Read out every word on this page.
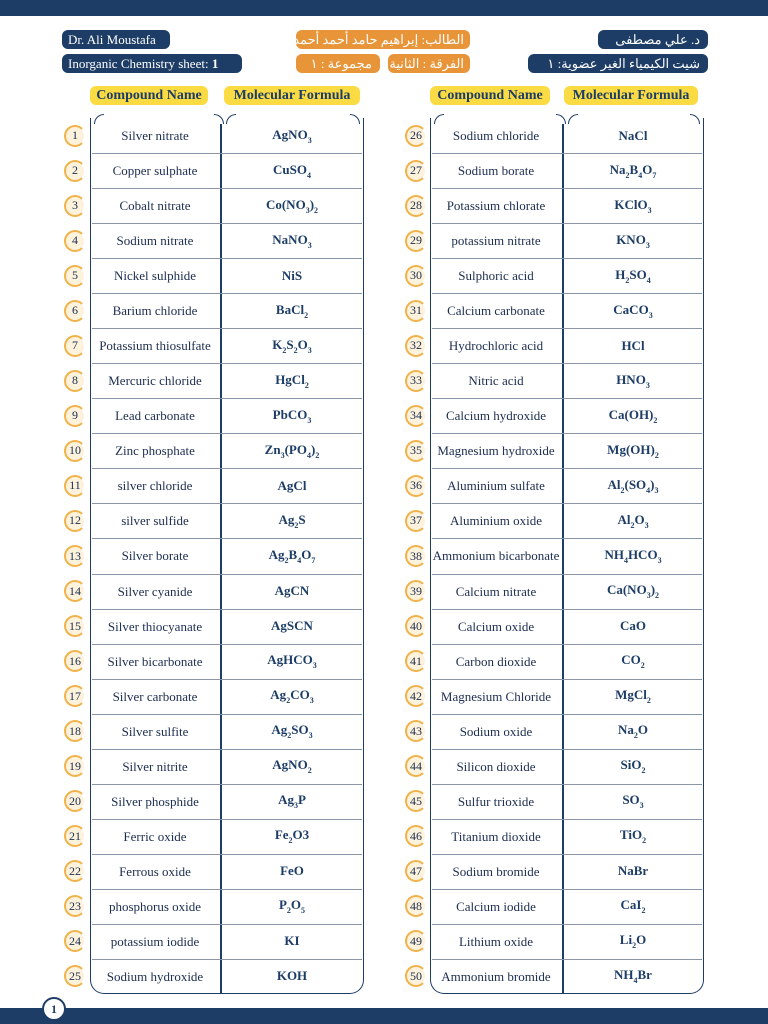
Dr. Ali Moustafa
Inorganic Chemistry sheet:
1
الطالب: إبراهيم حامد أحمد أحمد
الفرقة : الثانية
مجموعة : ١
د. علي مصطفى
شيت الكيمياء الغير عضوية: ١
Compound Name Molecular Formula	Compound Name Molecular Formula
Silver nitrate	AgNO$_3$
1
Copper sulphate	CuSO$_4$
2
Cobalt nitrate	$Co(NO_3)_2$
3
Sodium nitrate	NaNO$_3$
4
Nickel sulphide	NiS
5
Barium chloride	BaCl$_2$
6
Potassium thiosulfate	$K_2S_2O_3$
7
Mercuric chloride	HgCl$_2$
8
Lead carbonate	PbCO$_3$
9
Zinc phosphate	$Zn_3(PO_4)_2$
10
silver chloride	AgCl
11
silver sulfide	$Ag_2S$
12
Silver borate	$Ag_2B_4O_7$
13
Silver cyanide	AgCN
14
Silver thiocyanate	AgSCN
15
Silver bicarbonate	AgHCO$_3$
16
Silver carbonate	$Ag_2CO_3$
17
Silver sulfite	$Ag_2SO_3$
18
Silver nitrite	AgNO$_2$
19
Silver phosphide	$Ag_3P$
20
Ferric oxide	$Fe_2O3$
21
Ferrous oxide	FeO
22
phosphorus oxide	$P_2O_5$
23
potassium iodide	KI
24
Sodium hydroxide	KOH
25
Sodium chloride	NaCl
26
Sodium borate	$Na_2B_4O_7$
27
Potassium chlorate	KClO$_3$
28
potassium nitrate	$KNO_3$
29
Sulphoric acid	$H_2SO_4$
30
Calcium carbonate	CaCO$_3$
31
Hydrochloric acid	HCl
32
Nitric acid	$HNO_3$
33
Calcium hydroxide	$Ca(OH)_2$
34
Magnesium hydroxide	$Mg(OH)_2$
35
Aluminium sulfate	$Al_2(SO_4)_3$
36
Aluminium oxide	$Al_2O_3$
37
Ammonium bicarbonate	$NH_4HCO_3$
38
Calcium nitrate	$Ca(NO_3)_2$
39
Calcium oxide	CaO
40
Carbon dioxide	$CO_2$
41
Magnesium Chloride	MgCl$_2$
42
Sodium oxide	$Na_2O$
43
Silicon dioxide	SiO$_2$
44
Sulfur trioxide	$SO_3$
45
Titanium dioxide	TiO$_2$
46
Sodium bromide	NaBr
47
Calcium iodide	CaI$_2$
48
Lithium oxide	$Li_2O$
49
Ammonium bromide	$NH_4Br$
50
1
